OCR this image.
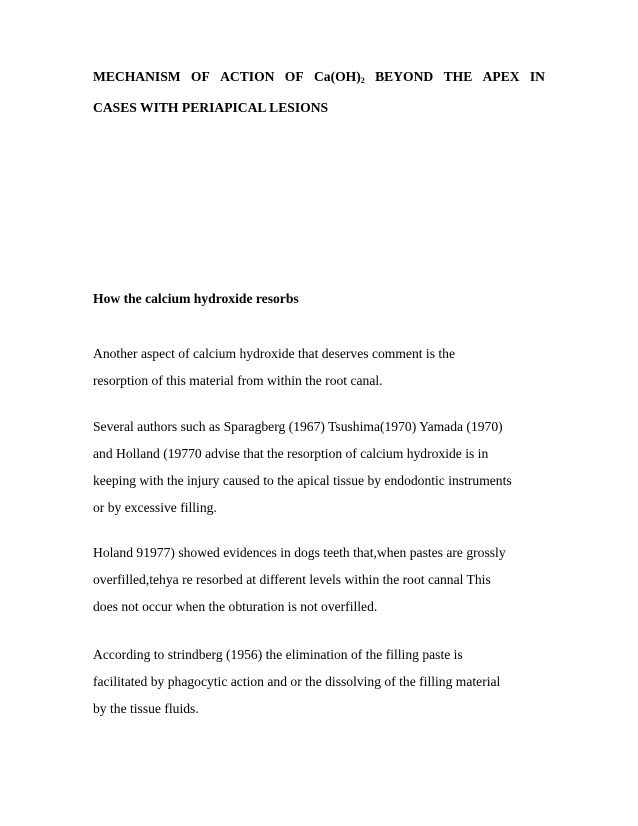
MECHANISM OF ACTION OF $Ca(OH)_2$ BEYOND THE APEX IN
CASES WITH PERIAPICAL LESIONS
How the calcium hydroxide resorbs

Another aspect of calcium hydroxide that deserves comment is the
resorption of this material from within the root canal.

Several authors such as Sparagberg (1967) Tsushima(1970) Yamada (1970)
and Holland (19770 advise that the resorption of calcium hydroxide is in
keeping with the injury caused to the apical tissue by endodontic instruments
or by excessive filling.

Holand 91977) showed evidences in dogs teeth that,when pastes are grossly
overfilled,tehya re resorbed at different levels within the root cannal This
does not occur when the obturation is not overfilled.

According to strindberg (1956) the elimination of the filling paste is
facilitated by phagocytic action and or the dissolving of the filling material
by the tissue fluids.
